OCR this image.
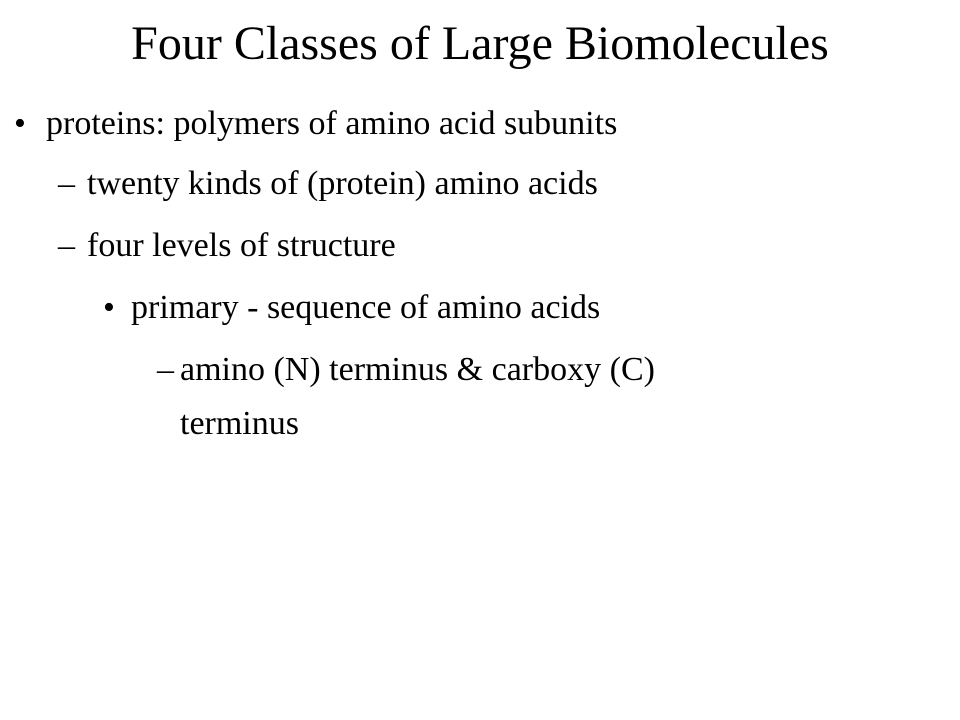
Four Classes of Large Biomolecules
• proteins: polymers of amino acid subunits
– twenty kinds of (protein) amino acids
– four levels of structure
• primary - sequence of amino acids
– amino (N) terminus & carboxy (C)
terminus
